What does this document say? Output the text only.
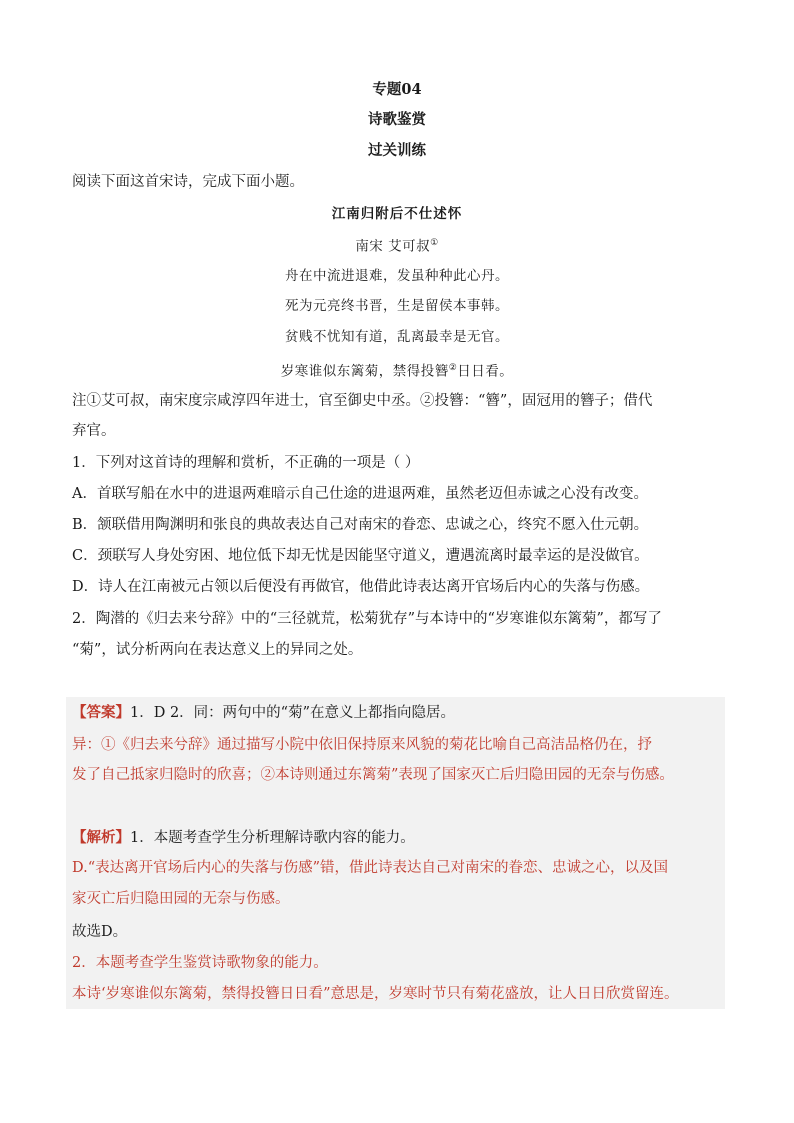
专题04
诗歌鉴赏
过关训练
阅读下面这首宋诗，完成下面小题。
江南归附后不仕述怀
南宋 艾可叔①
舟在中流进退难，发虽种种此心丹。
死为元亮终书晋，生是留侯本事韩。
贫贱不忧知有道，乱离最幸是无官。
岁寒谁似东篱菊，禁得投簪②日日看。
注①艾可叔，南宋度宗咸淳四年进士，官至御史中丞。②投簪：“簪”，固冠用的簪子；借代
弃官。
1．下列对这首诗的理解和赏析，不正确的一项是（ ）
A．首联写船在水中的进退两难暗示自己仕途的进退两难，虽然老迈但赤诚之心没有改变。
B．颔联借用陶渊明和张良的典故表达自己对南宋的眷恋、忠诚之心，终究不愿入仕元朝。
C．颈联写人身处穷困、地位低下却无忧是因能坚守道义，遭遇流离时最幸运的是没做官。
D．诗人在江南被元占领以后便没有再做官，他借此诗表达离开官场后内心的失落与伤感。
2．陶潜的《归去来兮辞》中的“三径就荒，松菊犹存”与本诗中的“岁寒谁似东篱菊”，都写了
“菊”，试分析两向在表达意义上的异同之处。
【答案】1．D 2．同：两句中的“菊”在意义上都指向隐居。
异：①《归去来兮辞》通过描写小院中依旧保持原来风貌的菊花比喻自己高洁品格仍在，抒
发了自己抵家归隐时的欣喜；②本诗则通过东篱菊”表现了国家灭亡后归隐田园的无奈与伤感。
【解析】1．本题考查学生分析理解诗歌内容的能力。
D.“表达离开官场后内心的失落与伤感”错，借此诗表达自己对南宋的眷恋、忠诚之心，以及国
家灭亡后归隐田园的无奈与伤感。
故选D。
2．本题考查学生鉴赏诗歌物象的能力。
本诗‘岁寒谁似东篱菊，禁得投簪日日看”意思是，岁寒时节只有菊花盛放，让人日日欣赏留连。
